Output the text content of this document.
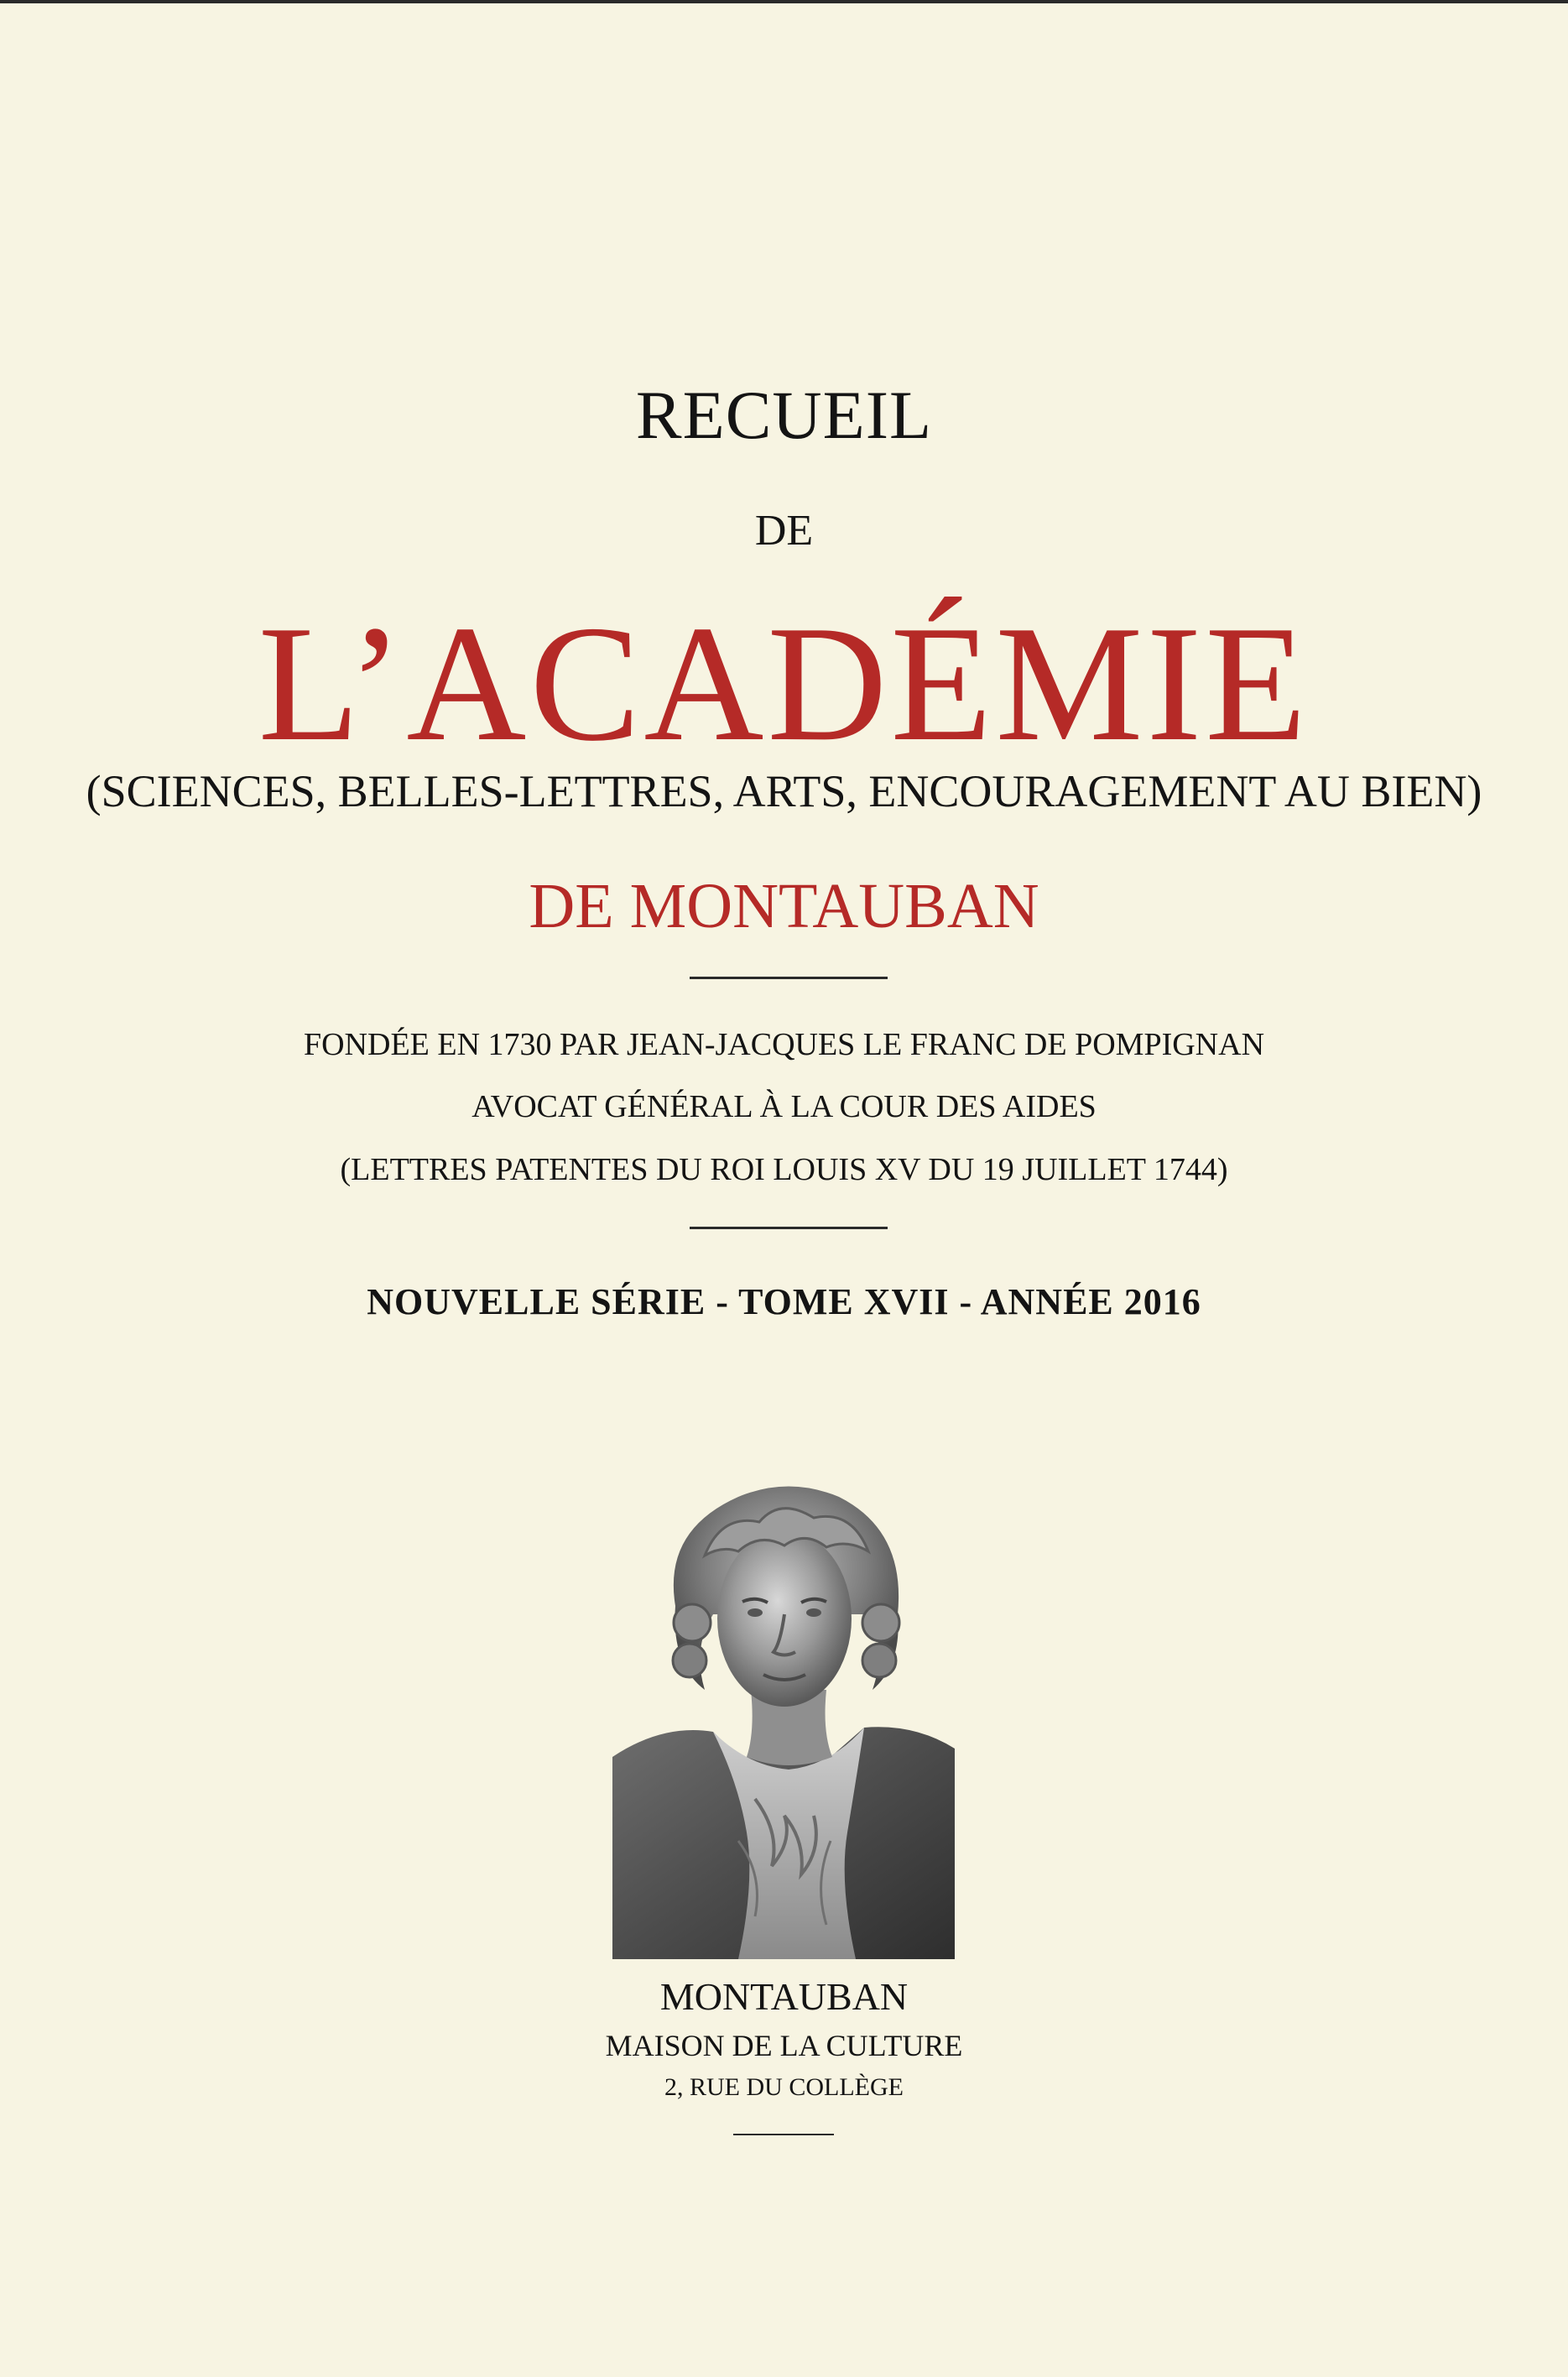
RECUEIL
DE
L’ACADÉMIE
(SCIENCES, BELLES-LETTRES, ARTS, ENCOURAGEMENT AU BIEN)
DE MONTAUBAN
FONDÉE EN 1730 PAR JEAN-JACQUES LE FRANC DE POMPIGNAN
AVOCAT GÉNÉRAL À LA COUR DES AIDES
(LETTRES PATENTES DU ROI LOUIS XV DU 19 JUILLET 1744)
NOUVELLE SÉRIE - TOME XVII - ANNÉE 2016
MONTAUBAN
MAISON DE LA CULTURE
2, RUE DU COLLÈGE
